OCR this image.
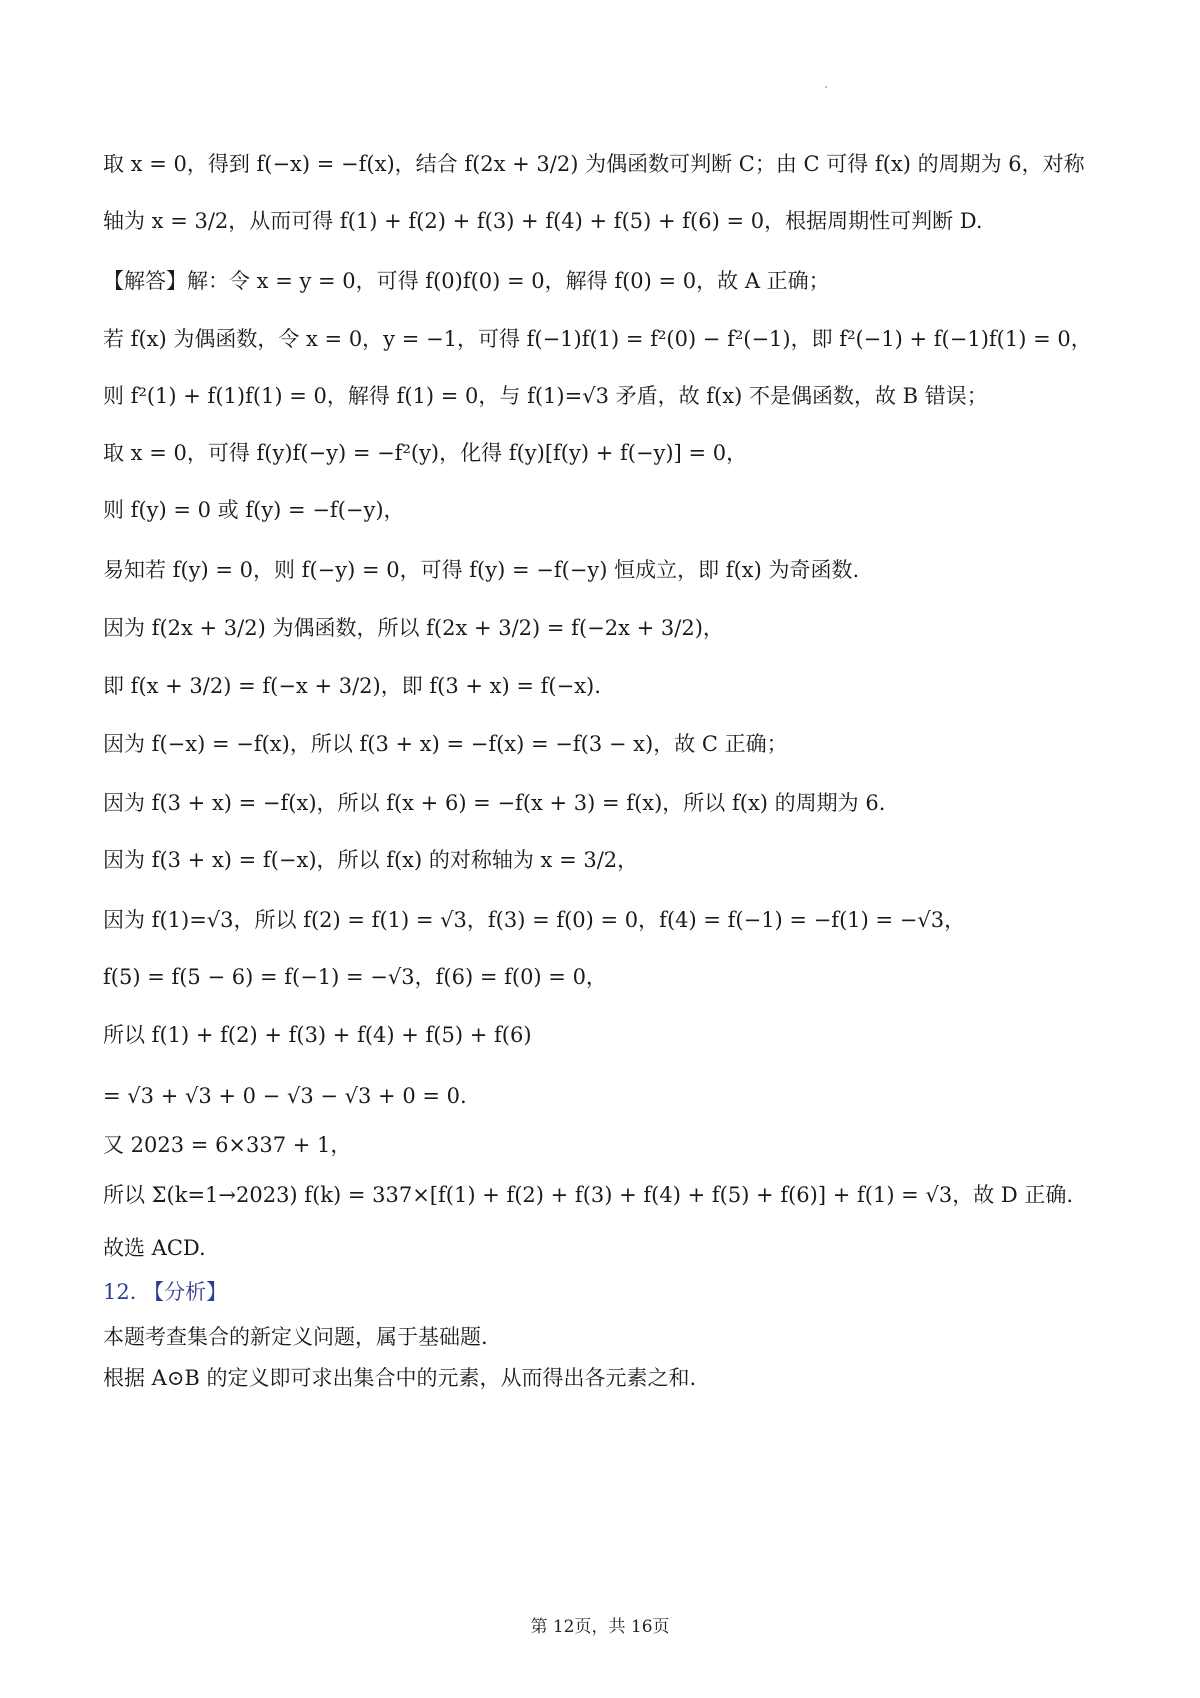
取 x = 0，得到 f(−x) = −f(x)，结合 f(2x + 3/2) 为偶函数可判断 C；由 C 可得 f(x) 的周期为 6，对称
轴为 x = 3/2，从而可得 f(1) + f(2) + f(3) + f(4) + f(5) + f(6) = 0，根据周期性可判断 D.
【解答】解：令 x = y = 0，可得 f(0)f(0) = 0，解得 f(0) = 0，故 A 正确；
若 f(x) 为偶函数，令 x = 0，y = −1，可得 f(−1)f(1) = f²(0) − f²(−1)，即 f²(−1) + f(−1)f(1) = 0，
则 f²(1) + f(1)f(1) = 0，解得 f(1) = 0，与 f(1)=√3 矛盾，故 f(x) 不是偶函数，故 B 错误；
取 x = 0，可得 f(y)f(−y) = −f²(y)，化得 f(y)[f(y) + f(−y)] = 0，
则 f(y) = 0 或 f(y) = −f(−y)，
易知若 f(y) = 0，则 f(−y) = 0，可得 f(y) = −f(−y) 恒成立，即 f(x) 为奇函数.
因为 f(2x + 3/2) 为偶函数，所以 f(2x + 3/2) = f(−2x + 3/2)，
即 f(x + 3/2) = f(−x + 3/2)，即 f(3 + x) = f(−x).
因为 f(−x) = −f(x)，所以 f(3 + x) = −f(x) = −f(3 − x)，故 C 正确；
因为 f(3 + x) = −f(x)，所以 f(x + 6) = −f(x + 3) = f(x)，所以 f(x) 的周期为 6.
因为 f(3 + x) = f(−x)，所以 f(x) 的对称轴为 x = 3/2，
因为 f(1)=√3，所以 f(2) = f(1) = √3，f(3) = f(0) = 0，f(4) = f(−1) = −f(1) = −√3，
f(5) = f(5 − 6) = f(−1) = −√3，f(6) = f(0) = 0，
所以 f(1) + f(2) + f(3) + f(4) + f(5) + f(6)
= √3 + √3 + 0 − √3 − √3 + 0 = 0.
又 2023 = 6×337 + 1，
所以 Σ(k=1→2023) f(k) = 337×[f(1) + f(2) + f(3) + f(4) + f(5) + f(6)] + f(1) = √3，故 D 正确.
故选 ACD.
12. 【分析】
本题考查集合的新定义问题，属于基础题.
根据 A⊙B 的定义即可求出集合中的元素，从而得出各元素之和.
第 12页，共 16页
